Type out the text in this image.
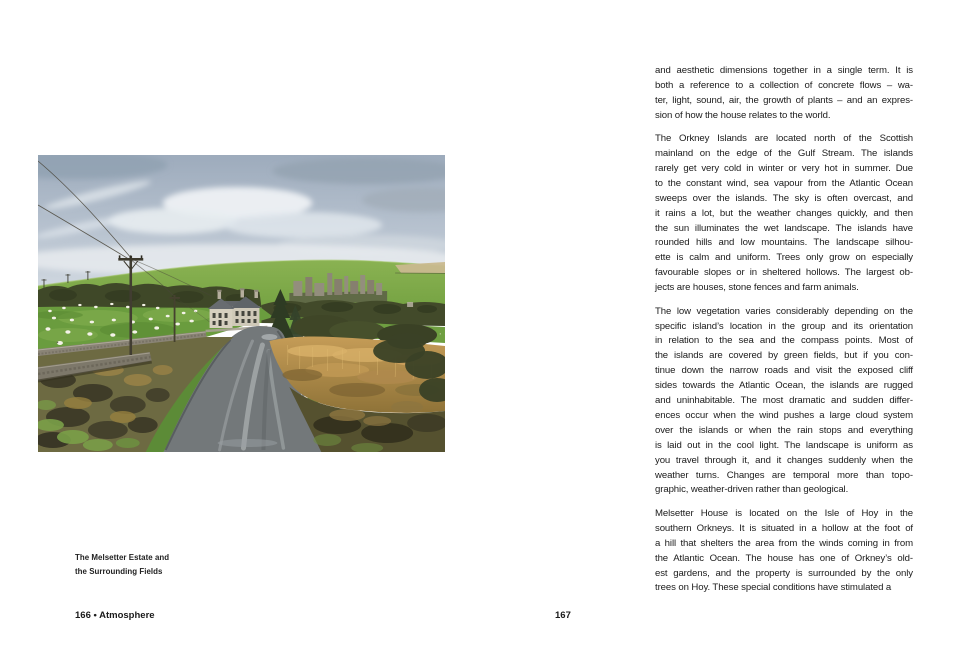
The Melsetter Estate and
the Surrounding Fields
166 • Atmosphere
and aesthetic dimensions together in a single term. It is
both a reference to a collection of concrete flows – wa-
ter, light, sound, air, the growth of plants – and an expres-
sion of how the house relates to the world.
The Orkney Islands are located north of the Scottish
mainland on the edge of the Gulf Stream. The islands
rarely get very cold in winter or very hot in summer. Due
to the constant wind, sea vapour from the Atlantic Ocean
sweeps over the islands. The sky is often overcast, and
it rains a lot, but the weather changes quickly, and then
the sun illuminates the wet landscape. The islands have
rounded hills and low mountains. The landscape silhou-
ette is calm and uniform. Trees only grow on especially
favourable slopes or in sheltered hollows. The largest ob-
jects are houses, stone fences and farm animals.
The low vegetation varies considerably depending on the
specific island’s location in the group and its orientation
in relation to the sea and the compass points. Most of
the islands are covered by green fields, but if you con-
tinue down the narrow roads and visit the exposed cliff
sides towards the Atlantic Ocean, the islands are rugged
and uninhabitable. The most dramatic and sudden differ-
ences occur when the wind pushes a large cloud system
over the islands or when the rain stops and everything
is laid out in the cool light. The landscape is uniform as
you travel through it, and it changes suddenly when the
weather turns. Changes are temporal more than topo-
graphic, weather-driven rather than geological.
Melsetter House is located on the Isle of Hoy in the
southern Orkneys. It is situated in a hollow at the foot of
a hill that shelters the area from the winds coming in from
the Atlantic Ocean. The house has one of Orkney’s old-
est gardens, and the property is surrounded by the only
trees on Hoy. These special conditions have stimulated a
167
